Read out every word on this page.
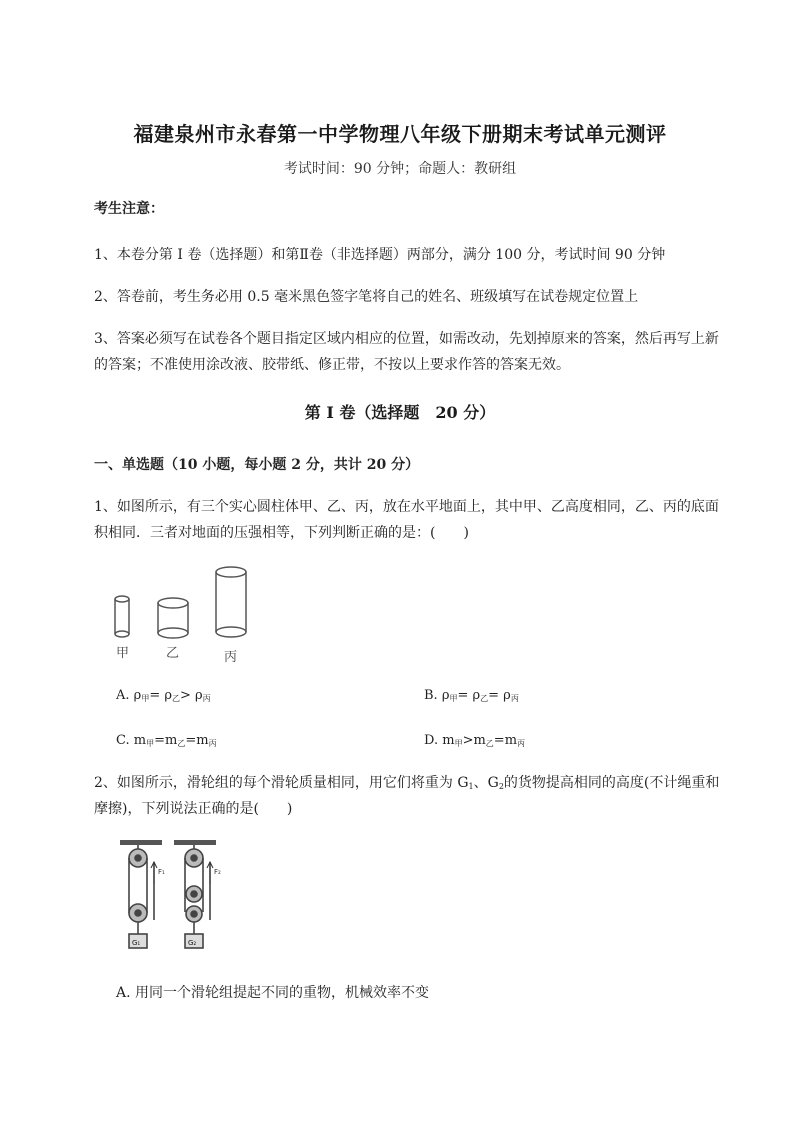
福建泉州市永春第一中学物理八年级下册期末考试单元测评
考试时间：90 分钟；命题人：教研组
考生注意：
1、本卷分第 I 卷（选择题）和第Ⅱ卷（非选择题）两部分，满分 100 分，考试时间 90 分钟
2、答卷前，考生务必用 0.5 毫米黑色签字笔将自己的姓名、班级填写在试卷规定位置上
3、答案必须写在试卷各个题目指定区域内相应的位置，如需改动，先划掉原来的答案，然后再写上新
的答案；不准使用涂改液、胶带纸、修正带，不按以上要求作答的答案无效。
第 I 卷（选择题　20 分）
一、单选题（10 小题，每小题 2 分，共计 20 分）
1、如图所示，有三个实心圆柱体甲、乙、丙，放在水平地面上，其中甲、乙高度相同，乙、丙的底面
积相同．三者对地面的压强相等，下列判断正确的是：(　　)
甲	乙	丙
A. $\rho_甲= \rho_乙> \rho_丙$	B. $\rho_甲= \rho_乙= \rho_丙$
C. $m_甲=m_乙=m_丙$	D. $m_甲>m_乙=m_丙$
2、如图所示，滑轮组的每个滑轮质量相同，用它们将重为 $G_1$、$G_2$的货物提高相同的高度(不计绳重和
摩擦)，下列说法正确的是(　　)
F₁
G₁
F₂
G₂
A. 用同一个滑轮组提起不同的重物，机械效率不变
